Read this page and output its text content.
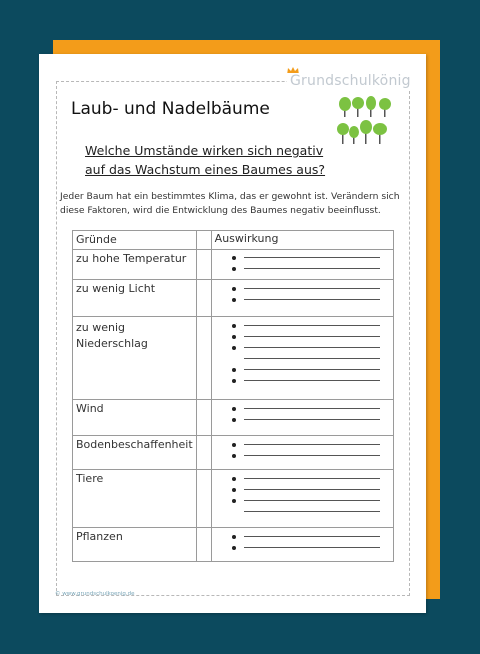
Grundschulkönig
Laub- und Nadelbäume
Welche Umstände wirken sich negativ auf das Wachstum eines Baumes aus?
Jeder Baum hat ein bestimmtes Klima, das er gewohnt ist. Verändern sich diese Faktoren, wird die Entwicklung des Baumes negativ beeinflusst.
Gründe		Auswirkung
zu hohe Temperatur		

zu wenig Licht		

zu wenig Niederschlag		

Wind		

Bodenbeschaffenheit		

Tiere		

Pflanzen		
© www.grundschulkoenig.de
